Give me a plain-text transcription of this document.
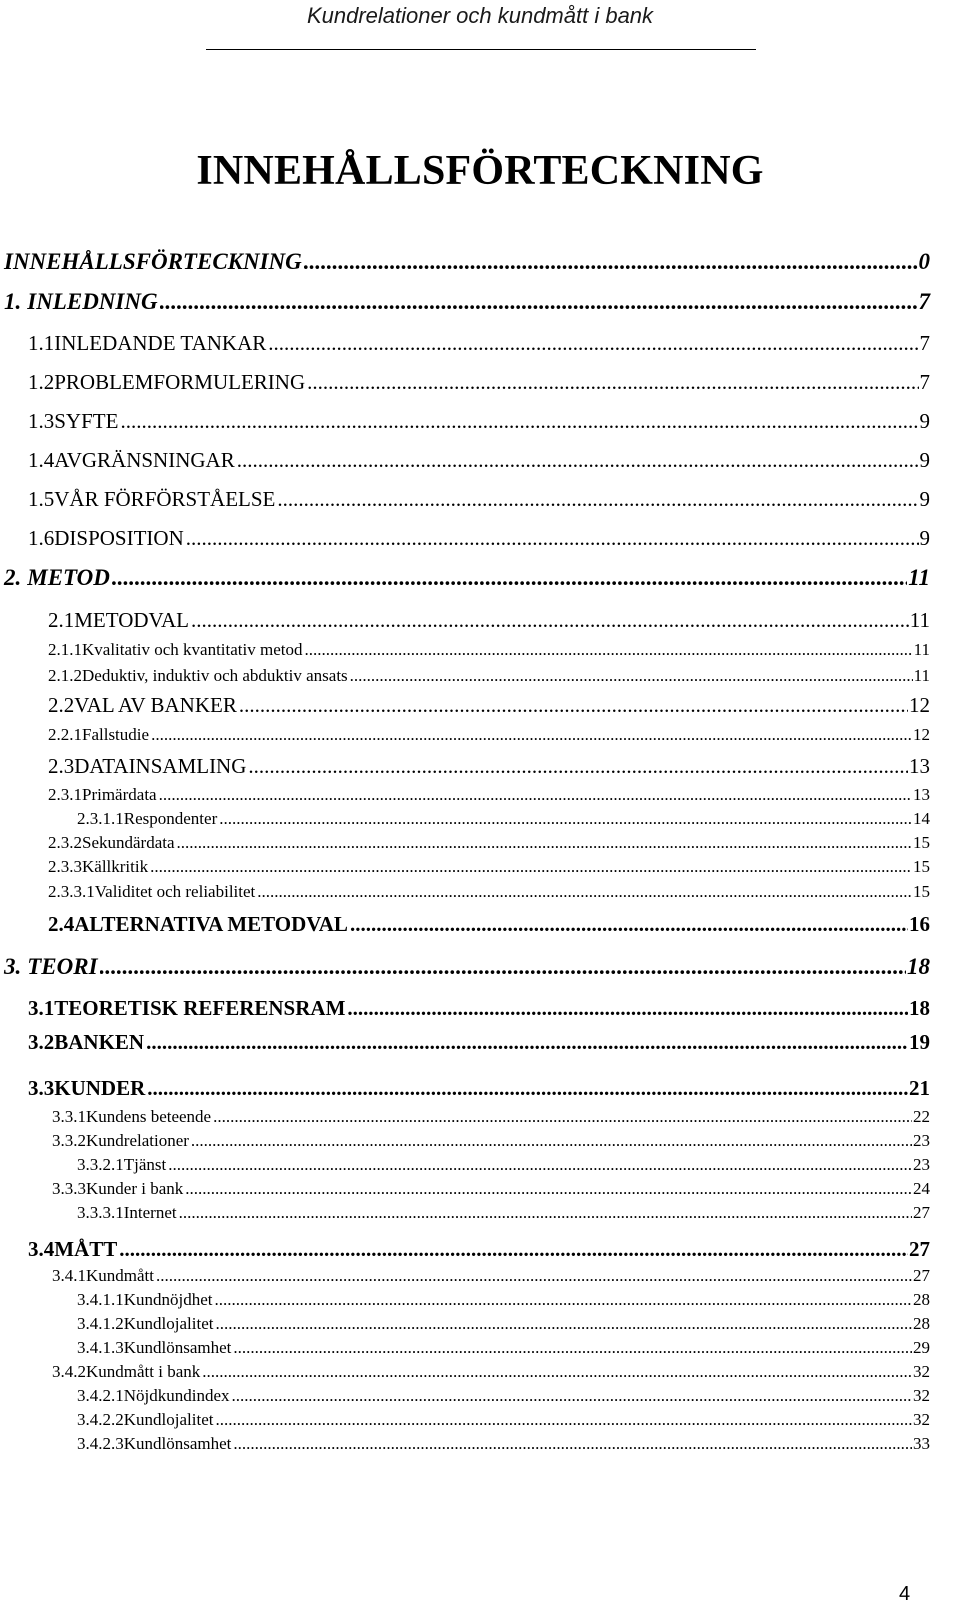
Kundrelationer och kundmått i bank
INNEHÅLLSFÖRTECKNING
INNEHÅLLSFÖRTECKNING .....	0
1. INLEDNING .....	7
1.1 INLEDANDE TANKAR .....	7
1.2 PROBLEMFORMULERING .....	7
1.3 SYFTE .....	9
1.4 AVGRÄNSNINGAR .....	9
1.5 VÅR FÖRFÖRSTÅELSE .....	9
1.6 DISPOSITION .....	9
2. METOD .....	11
2.1 METODVAL .....	11
2.1.1 Kvalitativ och kvantitativ metod .....	11
2.1.2 Deduktiv, induktiv och abduktiv ansats .....	11
2.2 VAL AV BANKER .....	12
2.2.1 Fallstudie .....	12
2.3 DATAINSAMLING .....	13
2.3.1 Primärdata .....	13
2.3.1.1 Respondenter .....	14
2.3.2 Sekundärdata .....	15
2.3.3 Källkritik .....	15
2.3.3.1 Validitet och reliabilitet .....	15
2.4 ALTERNATIVA METODVAL .....	16
3. TEORI .....	18
3.1 TEORETISK REFERENSRAM .....	18
3.2 BANKEN .....	19
3.3 KUNDER .....	21
3.3.1 Kundens beteende .....	22
3.3.2 Kundrelationer .....	23
3.3.2.1 Tjänst .....	23
3.3.3 Kunder i bank .....	24
3.3.3.1 Internet .....	27
3.4 MÅTT .....	27
3.4.1 Kundmått .....	27
3.4.1.1 Kundnöjdhet .....	28
3.4.1.2 Kundlojalitet .....	28
3.4.1.3 Kundlönsamhet .....	29
3.4.2 Kundmått i bank .....	32
3.4.2.1 Nöjdkundindex .....	32
3.4.2.2 Kundlojalitet .....	32
3.4.2.3 Kundlönsamhet .....	33
4
